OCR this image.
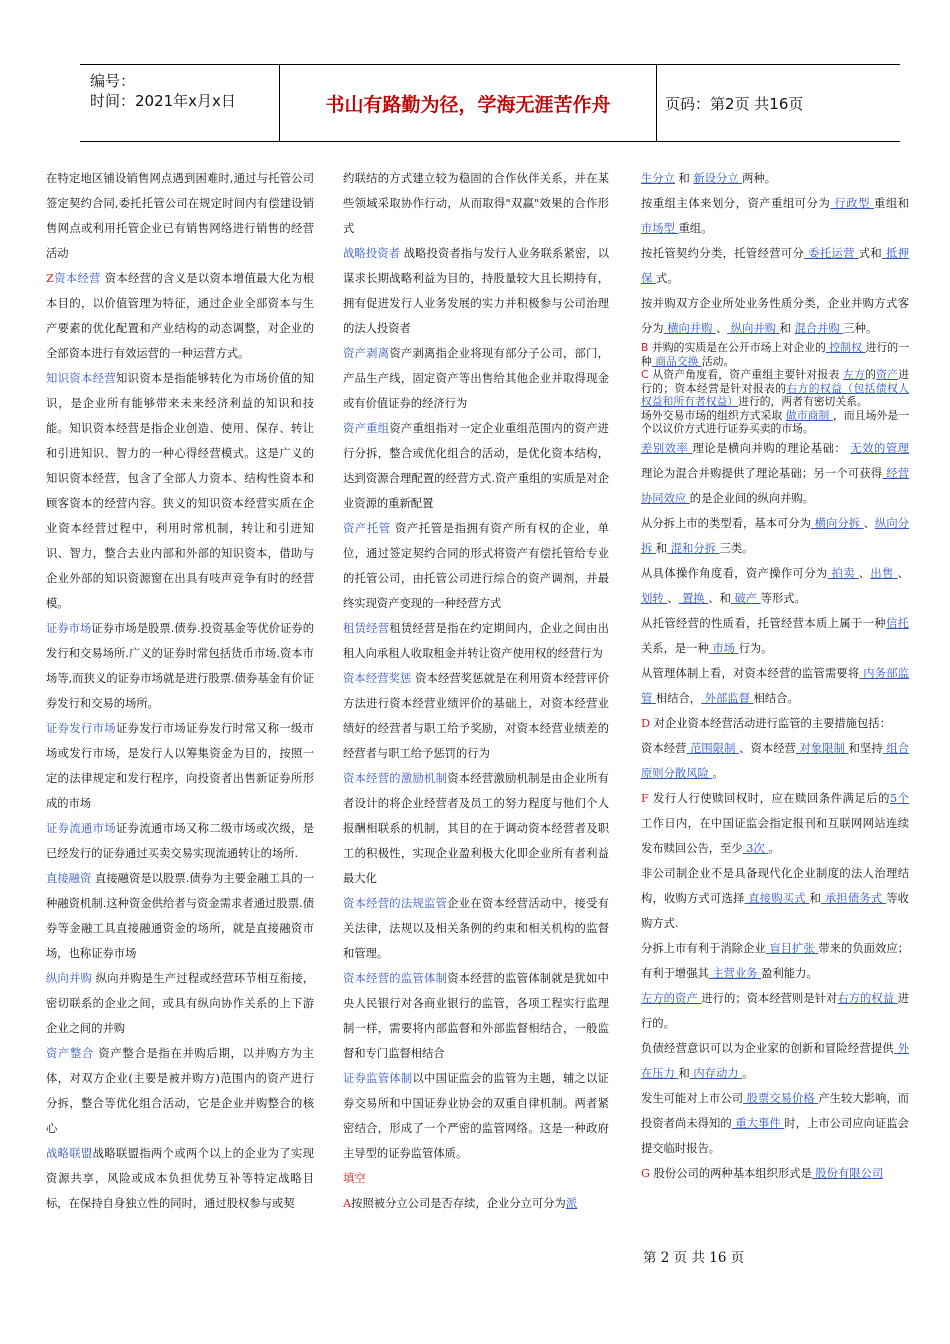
编号：
时间：2021年x月x日	书山有路勤为径，学海无涯苦作舟	页码：第2页 共16页

在特定地区铺设销售网点遇到困难时,通过与托管公司签定契约合同,委托托管公司在规定时间内有偿建设销售网点或利用托管企业已有销售网络进行销售的经营活动

Z资本经营 资本经营的含义是以资本增值最大化为根本目的，以价值管理为特征，通过企业全部资本与生产要素的优化配置和产业结构的动态调整，对企业的全部资本进行有效运营的一种运营方式。

知识资本经营知识资本是指能够转化为市场价值的知识，是企业所有能够带来未来经济利益的知识和技能。知识资本经营是指企业创造、使用、保存、转让和引进知识、智力的一种心得经营模式。这是广义的知识资本经营，包含了全部人力资本、结构性资本和顾客资本的经营内容。狭义的知识资本经营实质在企业资本经营过程中，利用时常机制，转让和引进知识、智力，整合去业内部和外部的知识资本，借助与企业外部的知识资源窗在出具有吱声竞争有时的经营模。

证券市场证券市场是股票.债券.投资基金等优价证券的发行和交易场所.广义的证券时常包括货币市场.资本市场等,而狭义的证券市场就是进行股票.债券基金有价证券发行和交易的场所。

证券发行市场证券发行市场证券发行时常又称一级市场或发行市场，是发行人以筹集资金为目的，按照一定的法律规定和发行程序，向投资者出售新证券所形成的市场

证券流通市场证券流通市场又称二级市场或次级，是已经发行的证券通过买卖交易实现流通转让的场所.

直接融资 直接融资是以股票.债券为主要金融工具的一种融资机制.这种资金供给者与资金需求者通过股票.债券等金融工具直接融通资金的场所，就是直接融资市场，也称证券市场

纵向并购 纵向并购是生产过程或经营环节相互衔接，密切联系的企业之间，或具有纵向协作关系的上下游企业之间的并购

资产整合 资产整合是指在并购后期，以并购方为主体，对双方企业(主要是被并购方)范围内的资产进行分拆，整合等优化组合活动，它是企业并购整合的核心

战略联盟战略联盟指两个或两个以上的企业为了实现资源共享，风险或成本负担优势互补等特定战略目标，在保持自身独立性的同时，通过股权参与或契

约联结的方式建立较为稳固的合作伙伴关系，并在某些领域采取协作行动，从而取得"双赢"效果的合作形式

战略投资者 战略投资者指与发行人业务联系紧密，以谋求长期战略利益为目的，持股量较大且长期持有，拥有促进发行人业务发展的实力并积极参与公司治理的法人投资者

资产剥离资产剥离指企业将现有部分子公司，部门，产品生产线，固定资产等出售给其他企业并取得现金或有价值证券的经济行为

资产重组资产重组指对一定企业重组范围内的资产进行分拆，整合或优化组合的活动，是优化资本结构，达到资源合理配置的经营方式.资产重组的实质是对企业资源的重新配置

资产托管 资产托管是指拥有资产所有权的企业，单位，通过签定契约合同的形式将资产有偿托管给专业的托管公司，由托管公司进行综合的资产调剂，并最终实现资产变现的一种经营方式

租赁经营租赁经营是指在约定期间内，企业之间由出租人向承租人收取租金并转让资产使用权的经营行为

资本经营奖惩 资本经营奖惩就是在利用资本经营评价方法进行资本经营业绩评价的基础上，对资本经营业绩好的经营者与职工给予奖励，对资本经营业绩差的经营者与职工给予惩罚的行为

资本经营的激励机制资本经营激励机制是由企业所有者设计的将企业经营者及员工的努力程度与他们个人报酬相联系的机制，其目的在于调动资本经营者及职工的积极性，实现企业盈利极大化即企业所有者利益最大化

资本经营的法规监管企业在资本经营活动中，接受有关法律，法规以及相关条例的约束和相关机构的监督和管理。

资本经营的监管体制资本经营的监管体制就是犹如中央人民银行对各商业银行的监管，各项工程实行监理制一样，需要将内部监督和外部监督相结合，一般监督和专门监督相结合

证券监管体制以中国证监会的监管为主题，辅之以证券交易所和中国证券业协会的双重自律机制。两者紧密结合，形成了一个严密的监管网络。这是一种政府主导型的证券监管体质。

填空

A按照被分立公司是否存续，企业分立可分为派

生分立 和 新设分立 两种。

按重组主体来划分，资产重组可分为 行政型 重组和 市场型 重组。

按托管契约分类，托管经营可分 委托运营 式和 抵押保 式。

按并购双方企业所处业务性质分类，企业并购方式客分为 横向并购 、 纵向并购 和 混合并购 三种。

B 并购的实质是在公开市场上对企业的 控制权 进行的一种 商品交换 活动。

C 从资产角度看，资产重组主要针对报表 左方的资产进行的；资本经营是针对报表的右方的权益（包括债权人权益和所有者权益）进行的，两者有密切关系。

场外交易市场的组织方式采取 做市商制 ，而且场外是一个以议价方式进行证券买卖的市场。

差别效率 理论是横向并购的理论基础： 无效的管理 理论为混合并购提供了理论基础；另一个可获得 经营协同效应 的是企业间的纵向并购。

从分拆上市的类型看，基本可分为 横向分拆 、纵向分拆 和 混和分拆 三类。

从具体操作角度看，资产操作可分为 拍卖 、出售 、 划转 、 置换 、和 破产 等形式。

从托管经营的性质看，托管经营本质上属于一种信托 关系，是一种 市场 行为。

从管理体制上看，对资本经营的监管需要将 内务部监管 相结合， 外部监督 相结合。

D 对企业资本经营活动进行监管的主要措施包括：

资本经营 范围限制 、资本经营 对象限制 和坚持 组合原则分散风险 。

F 发行人行使赎回权时，应在赎回条件满足后的5个 工作日内，在中国证监会指定报刊和互联网网站连续发布赎回公告，至少 3次 。

非公司制企业不是具备现代化企业制度的法人治理结构，收购方式可选择 直接购买式 和 承担债务式 等收购方式.

分拆上市有利于消除企业 盲目扩张 带来的负面效应；有利于增强其 主营业务 盈利能力。

左方的资产 进行的；资本经营则是针对右方的权益 进行的。

负债经营意识可以为企业家的创新和冒险经营提供 外在压力 和 内存动力 。

发生可能对上市公司 股票交易价格 产生较大影响，而投资者尚未得知的 重大事件 时，上市公司应向证监会提交临时报告。

G 股份公司的两种基本组织形式是 股份有限公司

第 2 页 共 16 页
